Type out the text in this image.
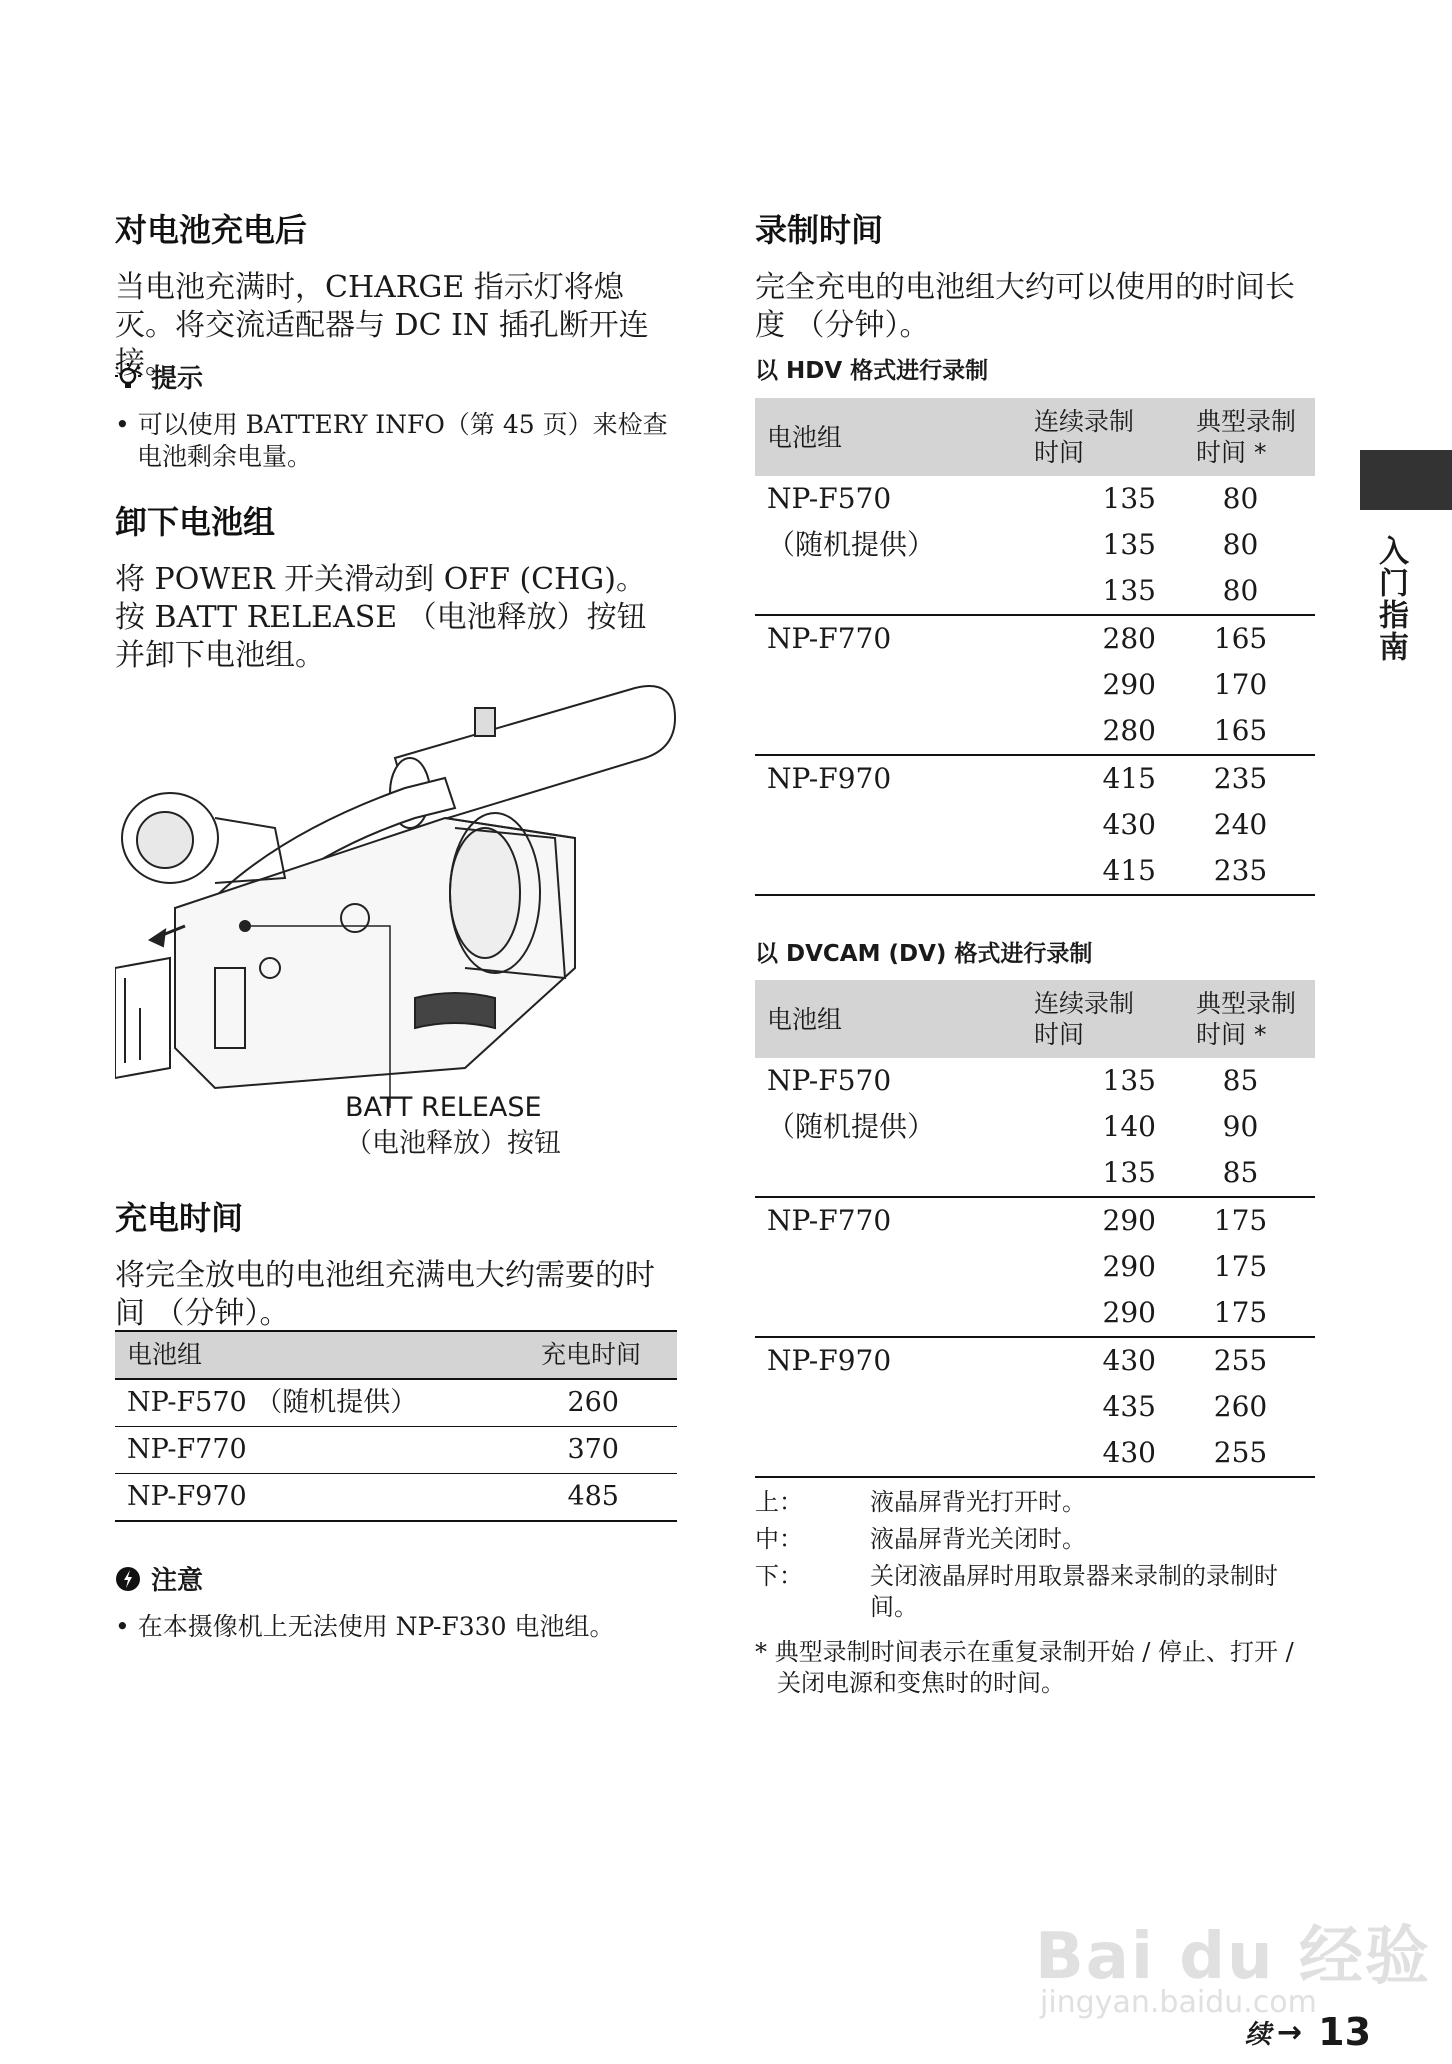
对电池充电后

当电池充满时，CHARGE 指示灯将熄灭。将交流适配器与 DC IN 插孔断开连接。

提示
• 可以使用 BATTERY INFO（第 45 页）来检查电池剩余电量。
卸下电池组

将 POWER 开关滑动到 OFF (CHG)。按 BATT RELEASE （电池释放）按钮并卸下电池组。

BATT RELEASE
（电池释放）按钮
充电时间

将完全放电的电池组充满电大约需要的时间 （分钟）。

电池组	充电时间
NP-F570 （随机提供）	260
NP-F770	370
NP-F970	485
注意
• 在本摄像机上无法使用 NP-F330 电池组。
录制时间

完全充电的电池组大约可以使用的时间长度 （分钟）。

以 HDV 格式进行录制
电池组	连续录制时间	典型录制时间 *
NP-F570	135	80
（随机提供）	135	80
	135	80
NP-F770	280	165
	290	170
	280	165
NP-F970	415	235
	430	240
	415	235
以 DVCAM (DV) 格式进行录制
电池组	连续录制时间	典型录制时间 *
NP-F570	135	85
（随机提供）	140	90
	135	85
NP-F770	290	175
	290	175
	290	175
NP-F970	430	255
	435	260
	430	255
上：	液晶屏背光打开时。
中：	液晶屏背光关闭时。
下：	关闭液晶屏时用取景器来录制的录制时间。
* 典型录制时间表示在重复录制开始 / 停止、打开 / 关闭电源和变焦时的时间。
入门指南
Bai du 经验
jingyan.baidu.com
续 → 13
